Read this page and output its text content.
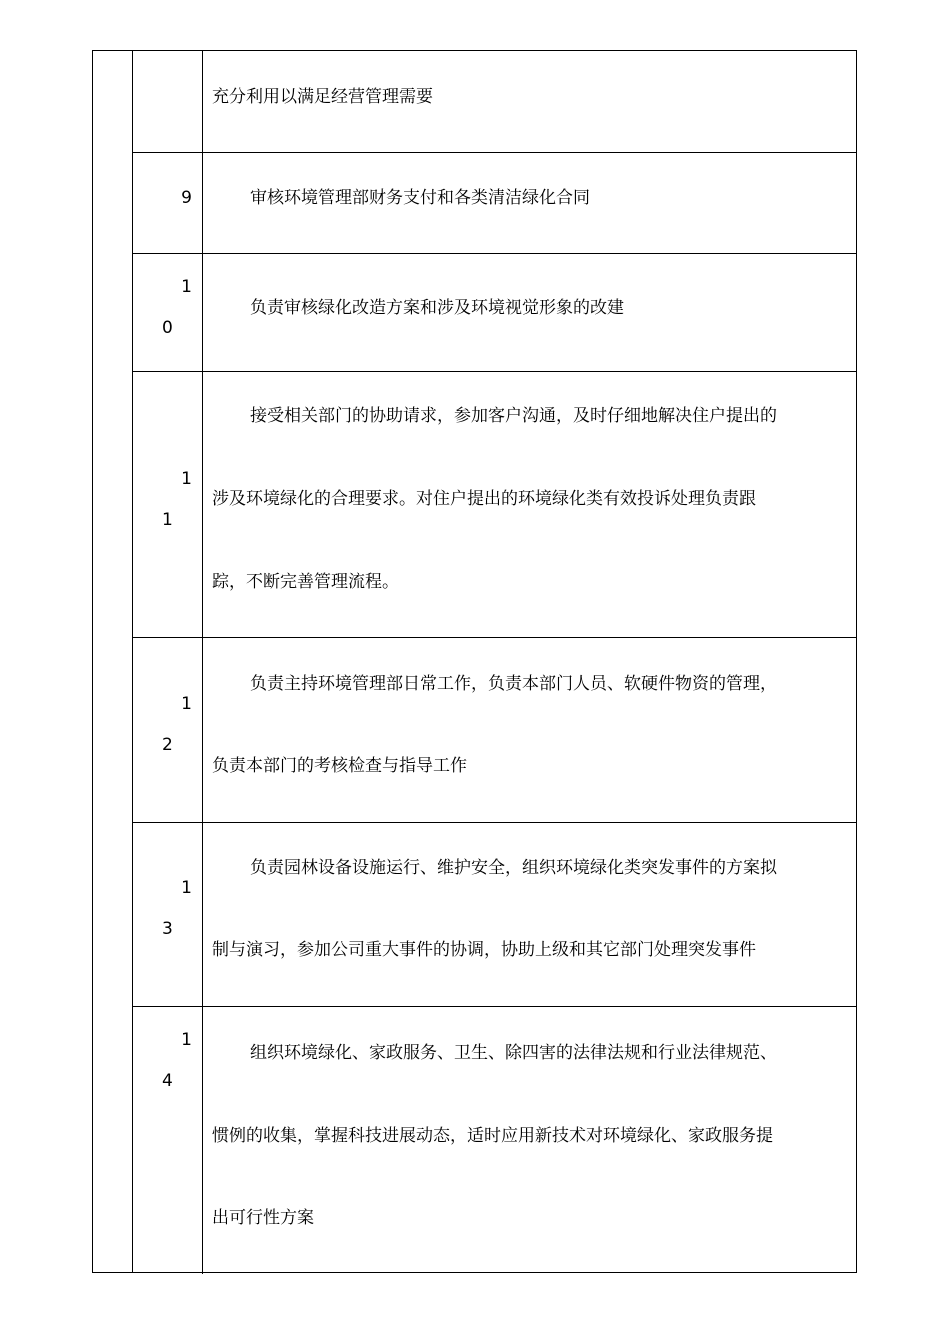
充分利用以满足经营管理需要
9	审核环境管理部财务支付和各类清洁绿化合同
1
0
负责审核绿化改造方案和涉及环境视觉形象的改建
1
1
接受相关部门的协助请求，参加客户沟通，及时仔细地解决住户提出的
涉及环境绿化的合理要求。对住户提出的环境绿化类有效投诉处理负责跟
踪，不断完善管理流程。
1
2
负责主持环境管理部日常工作，负责本部门人员、软硬件物资的管理，
负责本部门的考核检查与指导工作
1
3
负责园林设备设施运行、维护安全，组织环境绿化类突发事件的方案拟
制与演习，参加公司重大事件的协调，协助上级和其它部门处理突发事件
1
4
组织环境绿化、家政服务、卫生、除四害的法律法规和行业法律规范、
惯例的收集，掌握科技进展动态，适时应用新技术对环境绿化、家政服务提
出可行性方案
